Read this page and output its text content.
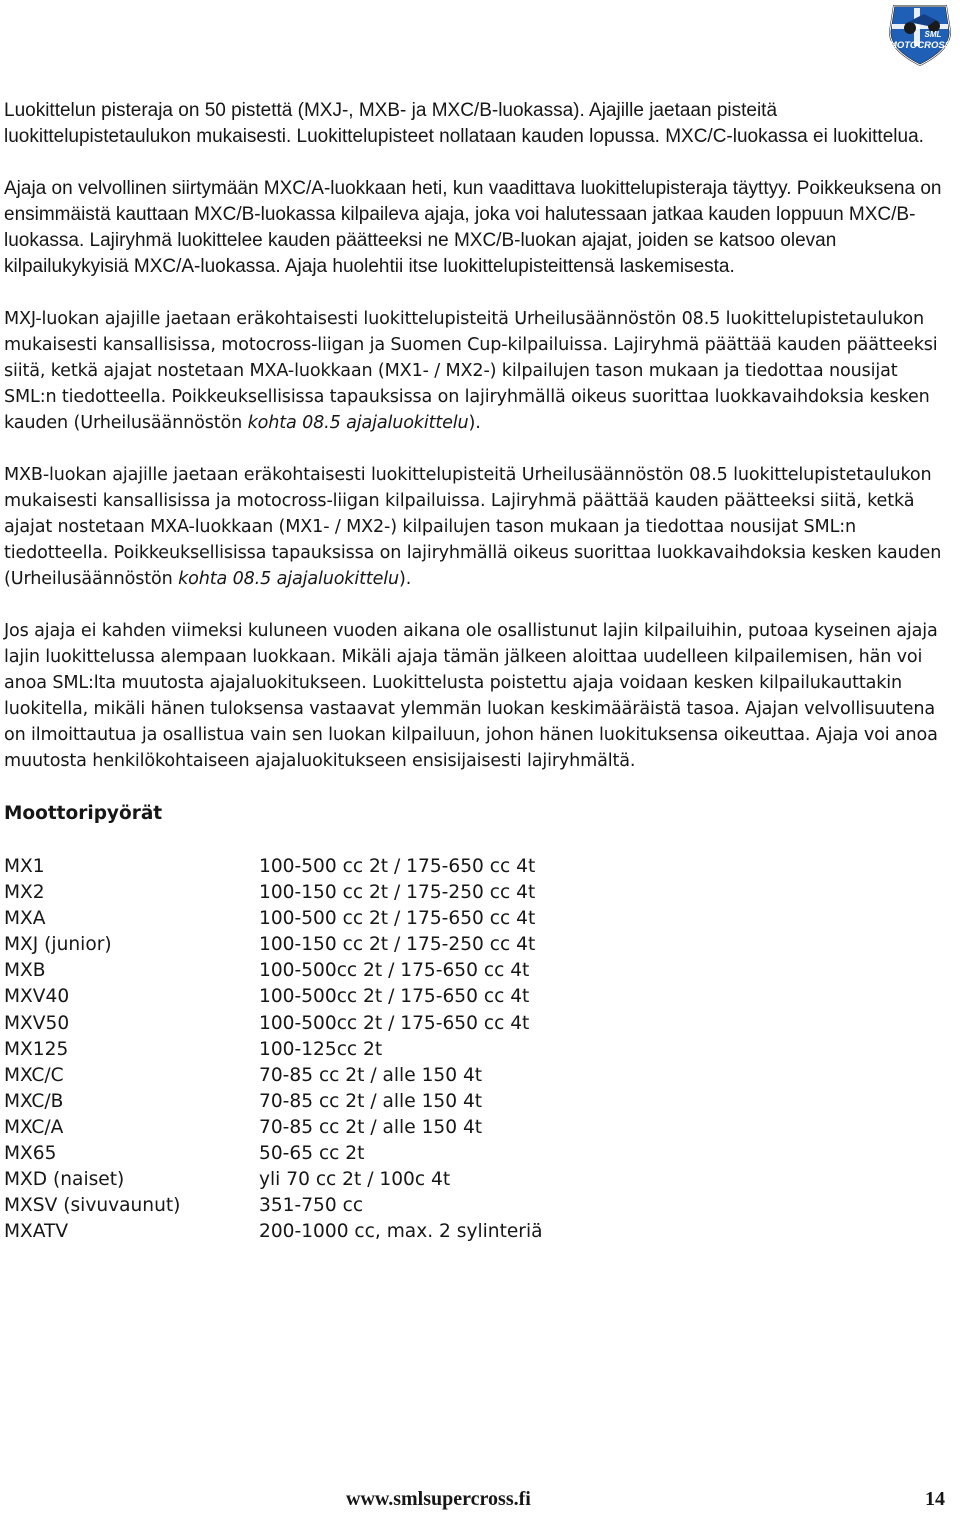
SML
MOTOCROSS

Luokittelun pisteraja on 50 pistettä (MXJ-, MXB- ja MXC/B-luokassa). Ajajille jaetaan pisteitä luokittelupistetaulukon mukaisesti. Luokittelupisteet nollataan kauden lopussa. MXC/C-luokassa ei luokittelua.

Ajaja on velvollinen siirtymään MXC/A-luokkaan heti, kun vaadittava luokittelupisteraja täyttyy. Poikkeuksena on ensimmäistä kauttaan MXC/B-luokassa kilpaileva ajaja, joka voi halutessaan jatkaa kauden loppuun MXC/B-luokassa. Lajiryhmä luokittelee kauden päätteeksi ne MXC/B-luokan ajajat, joiden se katsoo olevan kilpailukykyisiä MXC/A-luokassa. Ajaja huolehtii itse luokittelupisteittensä laskemisesta.

MXJ-luokan ajajille jaetaan eräkohtaisesti luokittelupisteitä Urheilusäännöstön 08.5 luokittelupistetaulukon mukaisesti kansallisissa, motocross-liigan ja Suomen Cup-kilpailuissa. Lajiryhmä päättää kauden päätteeksi siitä, ketkä ajajat nostetaan MXA-luokkaan (MX1- / MX2-) kilpailujen tason mukaan ja tiedottaa nousijat SML:n tiedotteella. Poikkeuksellisissa tapauksissa on lajiryhmällä oikeus suorittaa luokkavaihdoksia kesken kauden (Urheilusäännöstön kohta 08.5 ajajaluokittelu).

MXB-luokan ajajille jaetaan eräkohtaisesti luokittelupisteitä Urheilusäännöstön 08.5 luokittelupistetaulukon mukaisesti kansallisissa ja motocross-liigan kilpailuissa. Lajiryhmä päättää kauden päätteeksi siitä, ketkä ajajat nostetaan MXA-luokkaan (MX1- / MX2-) kilpailujen tason mukaan ja tiedottaa nousijat SML:n tiedotteella. Poikkeuksellisissa tapauksissa on lajiryhmällä oikeus suorittaa luokkavaihdoksia kesken kauden (Urheilusäännöstön kohta 08.5 ajajaluokittelu).

Jos ajaja ei kahden viimeksi kuluneen vuoden aikana ole osallistunut lajin kilpailuihin, putoaa kyseinen ajaja lajin luokittelussa alempaan luokkaan. Mikäli ajaja tämän jälkeen aloittaa uudelleen kilpailemisen, hän voi anoa SML:lta muutosta ajajaluokitukseen. Luokittelusta poistettu ajaja voidaan kesken kilpailukauttakin luokitella, mikäli hänen tuloksensa vastaavat ylemmän luokan keskimääräistä tasoa. Ajajan velvollisuutena on ilmoittautua ja osallistua vain sen luokan kilpailuun, johon hänen luokituksensa oikeuttaa. Ajaja voi anoa muutosta henkilökohtaiseen ajajaluokitukseen ensisijaisesti lajiryhmältä.

Moottoripyörät
MX1	100-500 cc 2t / 175-650 cc 4t
MX2	100-150 cc 2t / 175-250 cc 4t
MXA	100-500 cc 2t / 175-650 cc 4t
MXJ (junior)	100-150 cc 2t / 175-250 cc 4t
MXB	100-500cc 2t / 175-650 cc 4t
MXV40	100-500cc 2t / 175-650 cc 4t
MXV50	100-500cc 2t / 175-650 cc 4t
MX125	100-125cc 2t
MXC/C	70-85 cc 2t / alle 150 4t
MXC/B	70-85 cc 2t / alle 150 4t
MXC/A	70-85 cc 2t / alle 150 4t
MX65	50-65 cc 2t
MXD (naiset)	yli 70 cc 2t / 100c 4t
MXSV (sivuvaunut)	351-750 cc
MXATV	200-1000 cc, max. 2 sylinteriä
www.smlsupercross.fi	14
